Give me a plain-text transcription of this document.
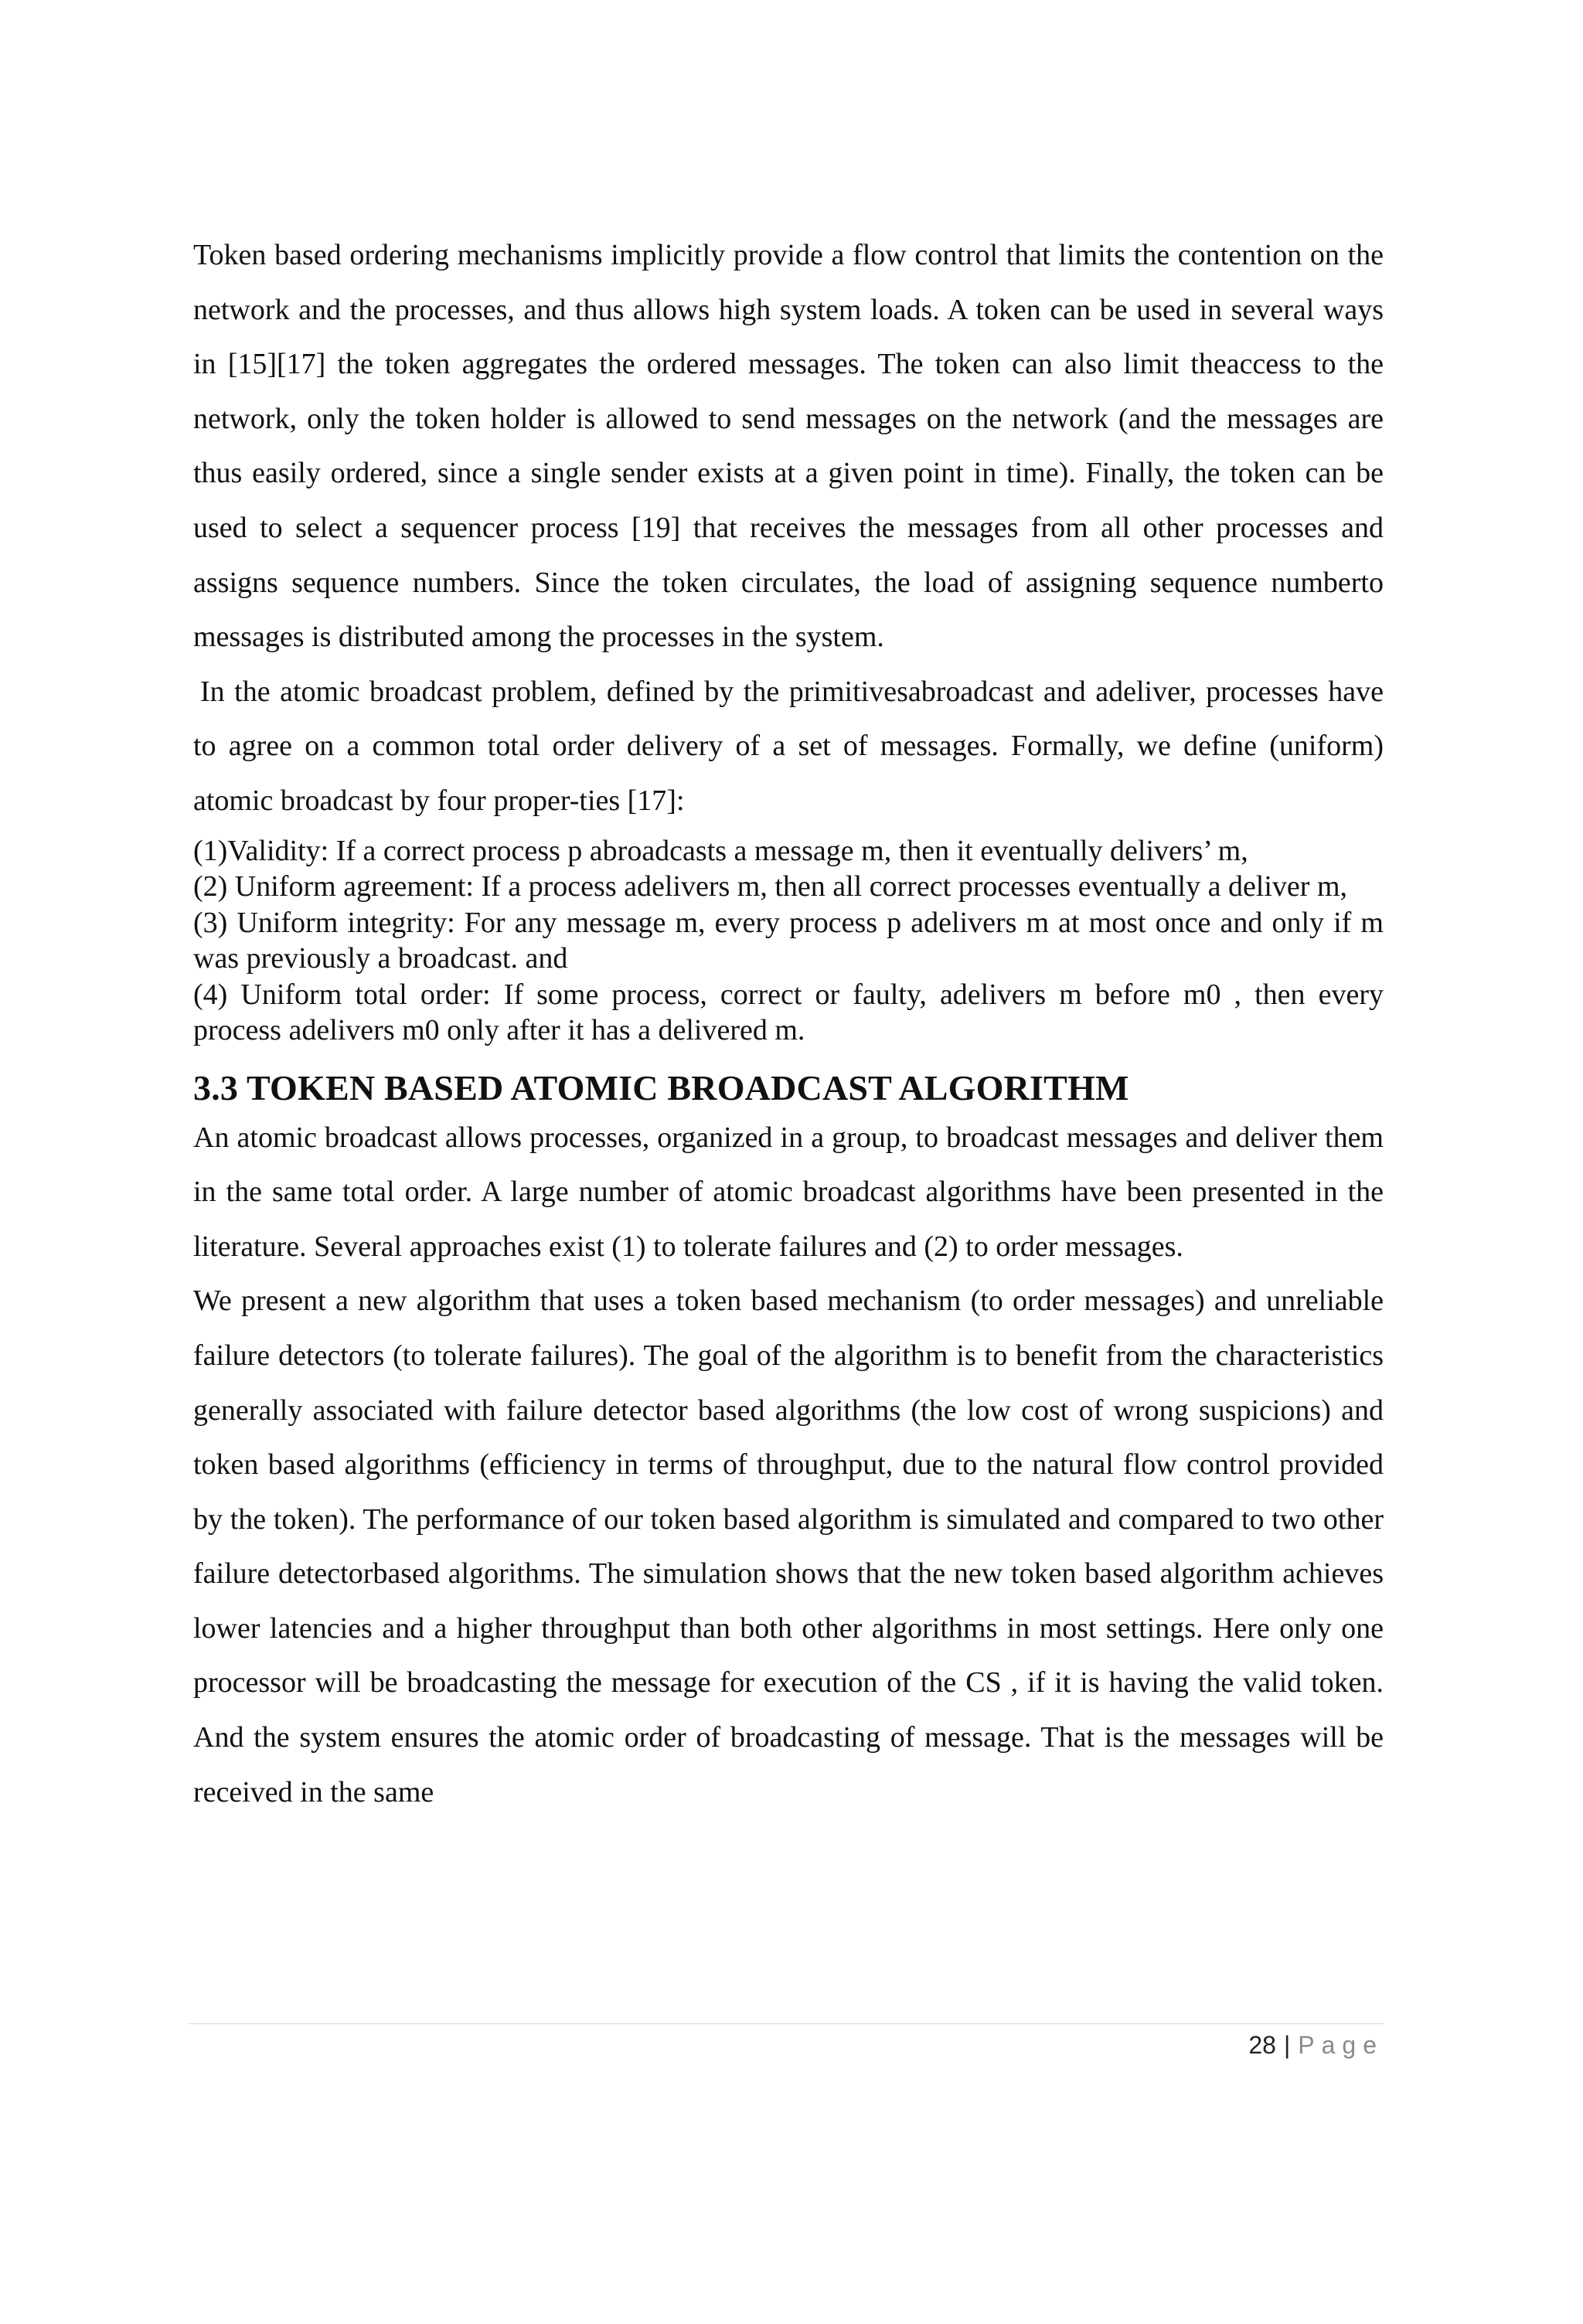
Token based ordering mechanisms implicitly provide a flow control that limits the contention on the network and the processes, and thus allows high system loads. A token can be used in several ways in [15][17] the token aggregates the ordered messages. The token can also limit theaccess to the network, only the token holder is allowed to send messages on the network (and the messages are thus easily ordered, since a single sender exists at a given point in time). Finally, the token can be used to select a sequencer process [19] that receives the messages from all other processes and assigns sequence numbers. Since the token circulates, the load of assigning sequence numberto messages is distributed among the processes in the system.

In the atomic broadcast problem, defined by the primitivesabroadcast and adeliver, processes have to agree on a common total order delivery of a set of messages. Formally, we define (uniform) atomic broadcast by four proper-ties [17]:

(1)Validity: If a correct process p abroadcasts a message m, then it eventually delivers’ m,

(2) Uniform agreement: If a process adelivers m, then all correct processes eventually a deliver m,

(3) Uniform integrity: For any message m, every process p adelivers m at most once and only if m was previously a broadcast. and

(4) Uniform total order: If some process, correct or faulty, adelivers m before m0 , then every process adelivers m0 only after it has a delivered m.

3.3 TOKEN BASED ATOMIC BROADCAST ALGORITHM

An atomic broadcast allows processes, organized in a group, to broadcast messages and deliver them in the same total order. A large number of atomic broadcast algorithms have been presented in the literature. Several approaches exist (1) to tolerate failures and (2) to order messages.

We present a new algorithm that uses a token based mechanism (to order messages) and unreliable failure detectors (to tolerate failures). The goal of the algorithm is to benefit from the characteristics generally associated with failure detector based algorithms (the low cost of wrong suspicions) and token based algorithms (efficiency in terms of throughput, due to the natural flow control provided by the token). The performance of our token based algorithm is simulated and compared to two other failure detectorbased algorithms. The simulation shows that the new token based algorithm achieves lower latencies and a higher throughput than both other algorithms in most settings. Here only one processor will be broadcasting the message for execution of the CS , if it is having the valid token. And the system ensures the atomic order of broadcasting of message. That is the messages will be received in the same

28 | Page
